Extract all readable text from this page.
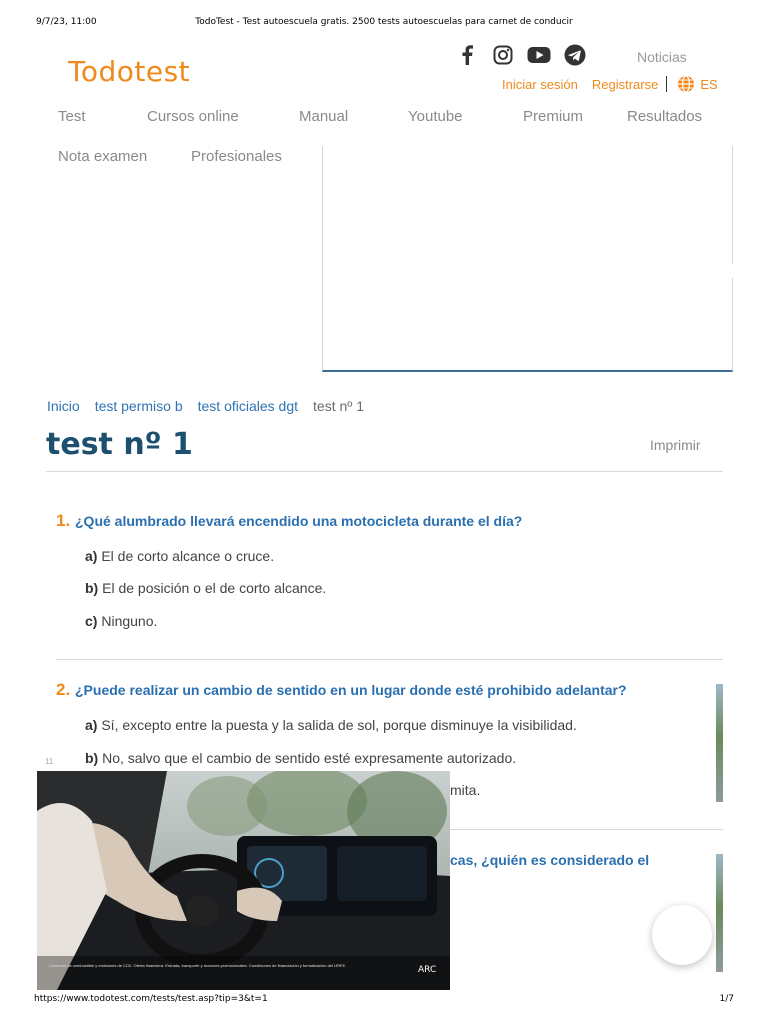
9/7/23, 11:00	TodoTest - Test autoescuela gratis. 2500 tests autoescuelas para carnet de conducir
Todotest	Noticias
Iniciar sesión Registrarse	ES
Test	Cursos online	Manual	Youtube	Premium	Resultados
Nota examen	Profesionales
Inicio test permiso b test oficiales dgt test nº 1
test nº 1	Imprimir
1. ¿Qué alumbrado llevará encendido una motocicleta durante el día?
a) El de corto alcance o cruce.
b) El de posición o el de corto alcance.
c) Ninguno.
2. ¿Puede realizar un cambio de sentido en un lugar donde esté prohibido adelantar?
a) Sí, excepto entre la puesta y la salida de sol, porque disminuye la visibilidad.
b) No, salvo que el cambio de sentido esté expresamente autorizado.
mita.
cas, ¿quién es considerado el
11
Consumo de combustible y emisiones de CO2. Oferta financiera. Entrada, transporte y acciones promocionales. Condiciones de financiación y formalización del IJRFE.	ARC
https://www.todotest.com/tests/test.asp?tip=3&t=1	1/7
